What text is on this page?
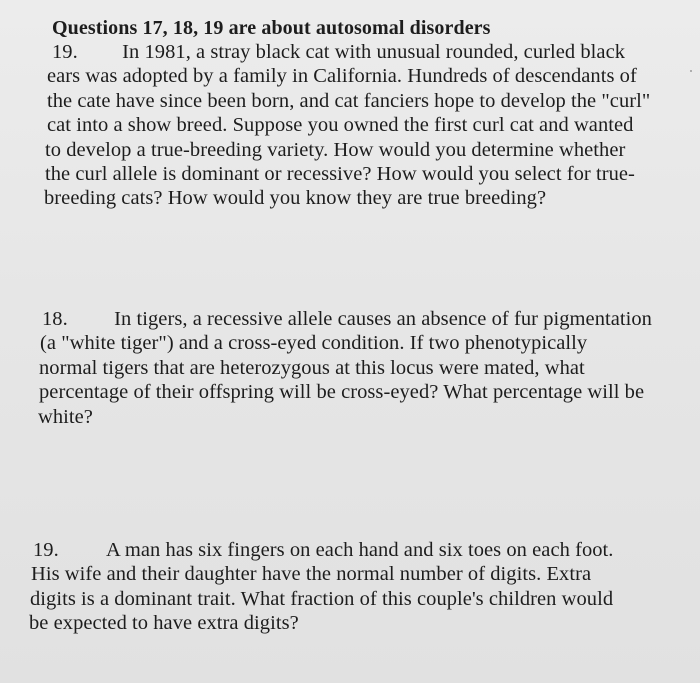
Questions 17, 18, 19 are about autosomal disorders
19. In 1981, a stray black cat with unusual rounded, curled black
ears was adopted by a family in California. Hundreds of descendants of
the cate have since been born, and cat fanciers hope to develop the "curl"
cat into a show breed. Suppose you owned the first curl cat and wanted
to develop a true-breeding variety. How would you determine whether
the curl allele is dominant or recessive? How would you select for true-
breeding cats? How would you know they are true breeding?
18. In tigers, a recessive allele causes an absence of fur pigmentation
(a "white tiger") and a cross-eyed condition. If two phenotypically
normal tigers that are heterozygous at this locus were mated, what
percentage of their offspring will be cross-eyed? What percentage will be
white?
19. A man has six fingers on each hand and six toes on each foot.
His wife and their daughter have the normal number of digits. Extra
digits is a dominant trait. What fraction of this couple's children would
be expected to have extra digits?
